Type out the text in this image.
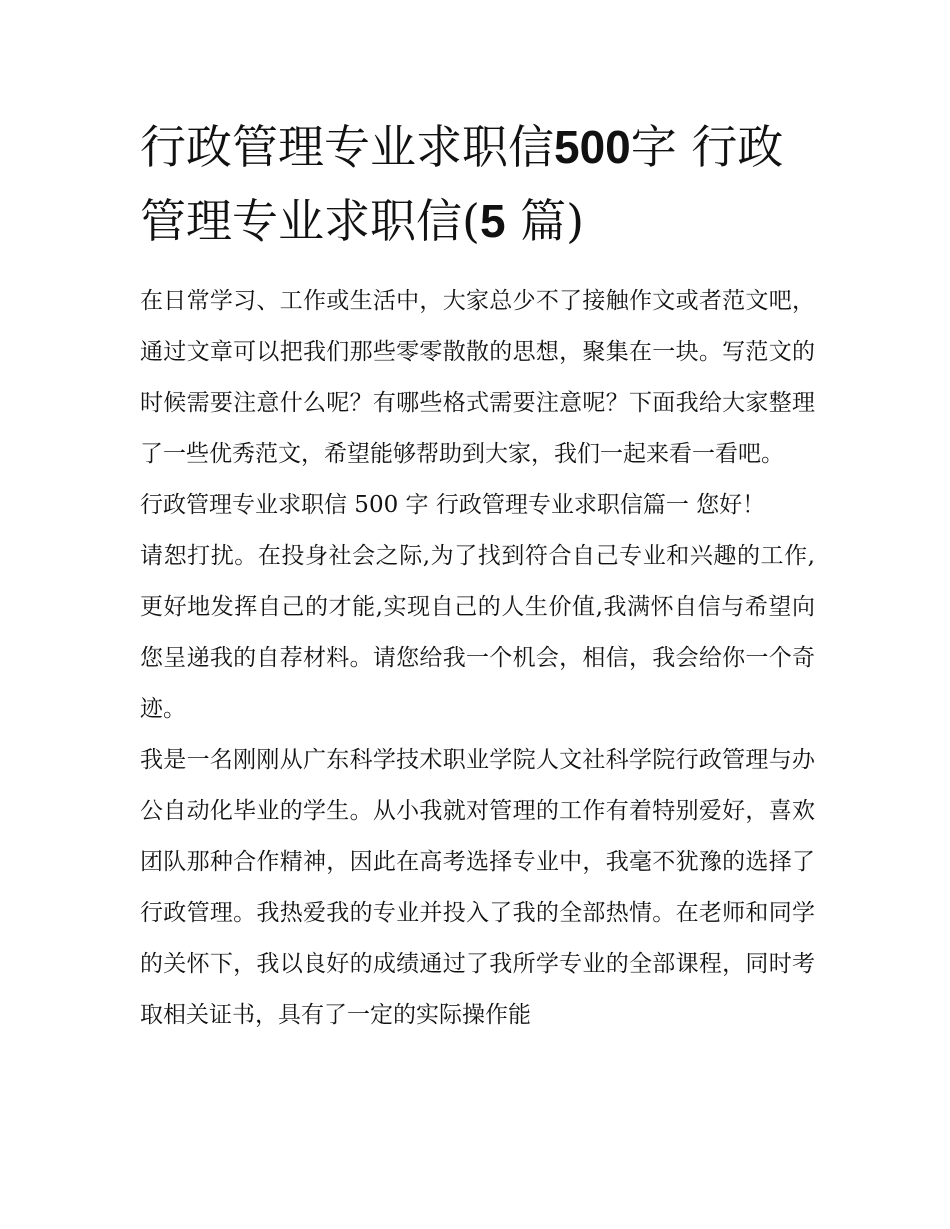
行政管理专业求职信500字 行政管理专业求职信(5 篇)

在日常学习、工作或生活中，大家总少不了接触作文或者范文吧，通过文章可以把我们那些零零散散的思想，聚集在一块。写范文的时候需要注意什么呢？有哪些格式需要注意呢？下面我给大家整理了一些优秀范文，希望能够帮助到大家，我们一起来看一看吧。

行政管理专业求职信 500 字 行政管理专业求职信篇一 您好！

请恕打扰。在投身社会之际,为了找到符合自己专业和兴趣的工作,更好地发挥自己的才能,实现自己的人生价值,我满怀自信与希望向您呈递我的自荐材料。请您给我一个机会，相信，我会给你一个奇迹。

我是一名刚刚从广东科学技术职业学院人文社科学院行政管理与办公自动化毕业的学生。从小我就对管理的工作有着特别爱好，喜欢团队那种合作精神，因此在高考选择专业中，我毫不犹豫的选择了行政管理。我热爱我的专业并投入了我的全部热情。在老师和同学的关怀下，我以良好的成绩通过了我所学专业的全部课程，同时考取相关证书，具有了一定的实际操作能
